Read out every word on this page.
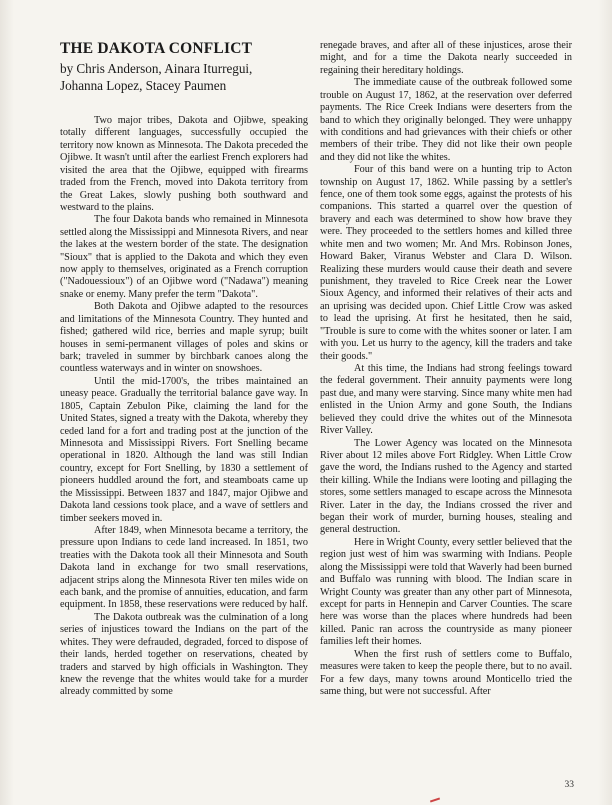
THE DAKOTA CONFLICT
by Chris Anderson, Ainara Iturregui,
Johanna Lopez, Stacey Paumen

Two major tribes, Dakota and Ojibwe, speaking totally different languages, successfully occupied the territory now known as Minnesota. The Dakota preceded the Ojibwe. It wasn't until after the earliest French explorers had visited the area that the Ojibwe, equipped with firearms traded from the French, moved into Dakota territory from the Great Lakes, slowly pushing both southward and westward to the plains.

The four Dakota bands who remained in Minnesota settled along the Mississippi and Minnesota Rivers, and near the lakes at the western border of the state. The designation "Sioux" that is applied to the Dakota and which they even now apply to themselves, originated as a French corruption ("Nadouessioux") of an Ojibwe word ("Nadawa") meaning snake or enemy. Many prefer the term "Dakota".

Both Dakota and Ojibwe adapted to the resources and limitations of the Minnesota Country. They hunted and fished; gathered wild rice, berries and maple syrup; built houses in semi-permanent villages of poles and skins or bark; traveled in summer by birchbark canoes along the countless waterways and in winter on snowshoes.

Until the mid-1700's, the tribes maintained an uneasy peace. Gradually the territorial balance gave way. In 1805, Captain Zebulon Pike, claiming the land for the United States, signed a treaty with the Dakota, whereby they ceded land for a fort and trading post at the junction of the Minnesota and Mississippi Rivers. Fort Snelling became operational in 1820. Although the land was still Indian country, except for Fort Snelling, by 1830 a settlement of pioneers huddled around the fort, and steamboats came up the Mississippi. Between 1837 and 1847, major Ojibwe and Dakota land cessions took place, and a wave of settlers and timber seekers moved in.

After 1849, when Minnesota became a territory, the pressure upon Indians to cede land increased. In 1851, two treaties with the Dakota took all their Minnesota and South Dakota land in exchange for two small reservations, adjacent strips along the Minnesota River ten miles wide on each bank, and the promise of annuities, education, and farm equipment. In 1858, these reservations were reduced by half.

The Dakota outbreak was the culmination of a long series of injustices toward the Indians on the part of the whites. They were defrauded, degraded, forced to dispose of their lands, herded together on reservations, cheated by traders and starved by high officials in Washington. They knew the revenge that the whites would take for a murder already committed by some

renegade braves, and after all of these injustices, arose their might, and for a time the Dakota nearly succeeded in regaining their hereditary holdings.

The immediate cause of the outbreak followed some trouble on August 17, 1862, at the reservation over deferred payments. The Rice Creek Indians were deserters from the band to which they originally belonged. They were unhappy with conditions and had grievances with their chiefs or other members of their tribe. They did not like their own people and they did not like the whites.

Four of this band were on a hunting trip to Acton township on August 17, 1862. While passing by a settler's fence, one of them took some eggs, against the protests of his companions. This started a quarrel over the question of bravery and each was determined to show how brave they were. They proceeded to the settlers homes and killed three white men and two women; Mr. And Mrs. Robinson Jones, Howard Baker, Viranus Webster and Clara D. Wilson. Realizing these murders would cause their death and severe punishment, they traveled to Rice Creek near the Lower Sioux Agency, and informed their relatives of their acts and an uprising was decided upon. Chief Little Crow was asked to lead the uprising. At first he hesitated, then he said, "Trouble is sure to come with the whites sooner or later. I am with you. Let us hurry to the agency, kill the traders and take their goods."

At this time, the Indians had strong feelings toward the federal government. Their annuity payments were long past due, and many were starving. Since many white men had enlisted in the Union Army and gone South, the Indians believed they could drive the whites out of the Minnesota River Valley.

The Lower Agency was located on the Minnesota River about 12 miles above Fort Ridgley. When Little Crow gave the word, the Indians rushed to the Agency and started their killing. While the Indians were looting and pillaging the stores, some settlers managed to escape across the Minnesota River. Later in the day, the Indians crossed the river and began their work of murder, burning houses, stealing and general destruction.

Here in Wright County, every settler believed that the region just west of him was swarming with Indians. People along the Mississippi were told that Waverly had been burned and Buffalo was running with blood. The Indian scare in Wright County was greater than any other part of Minnesota, except for parts in Hennepin and Carver Counties. The scare here was worse than the places where hundreds had been killed. Panic ran across the countryside as many pioneer families left their homes.

When the first rush of settlers come to Buffalo, measures were taken to keep the people there, but to no avail. For a few days, many towns around Monticello tried the same thing, but were not successful. After

33
